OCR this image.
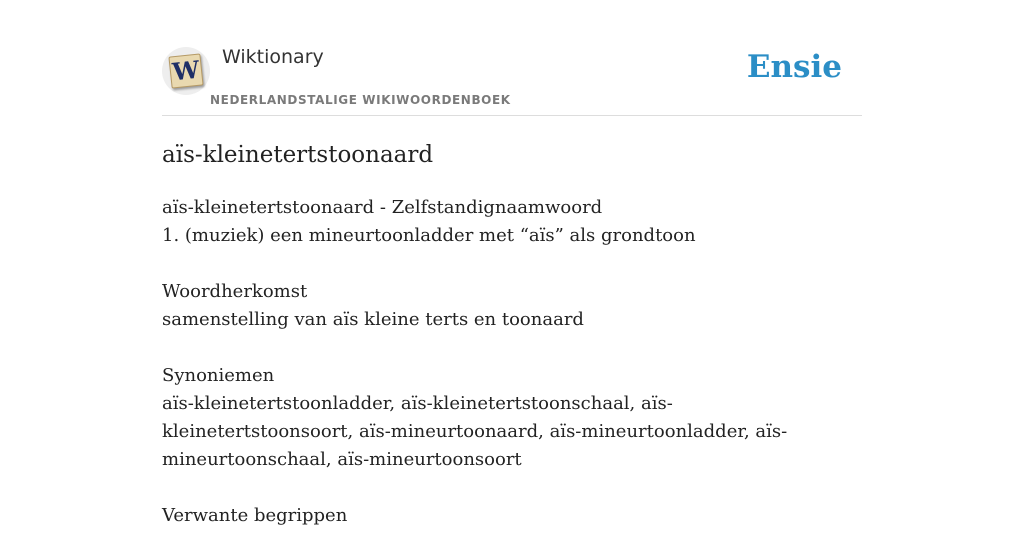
W Wiktionary
NEDERLANDSTALIGE WIKIWOORDENBOEK
Ensie
aïs-kleinetertstoonaard

aïs-kleinetertstoonaard - Zelfstandignaamwoord

1. (muziek) een mineurtoonladder met “aïs” als grondtoon

Woordherkomst

samenstelling van aïs kleine terts en toonaard

Synoniemen

aïs-kleinetertstoonladder, aïs-kleinetertstoonschaal, aïs-kleinetertstoonsoort, aïs-mineurtoonaard, aïs-mineurtoonladder, aïs-mineurtoonschaal, aïs-mineurtoonsoort

Verwante begrippen
